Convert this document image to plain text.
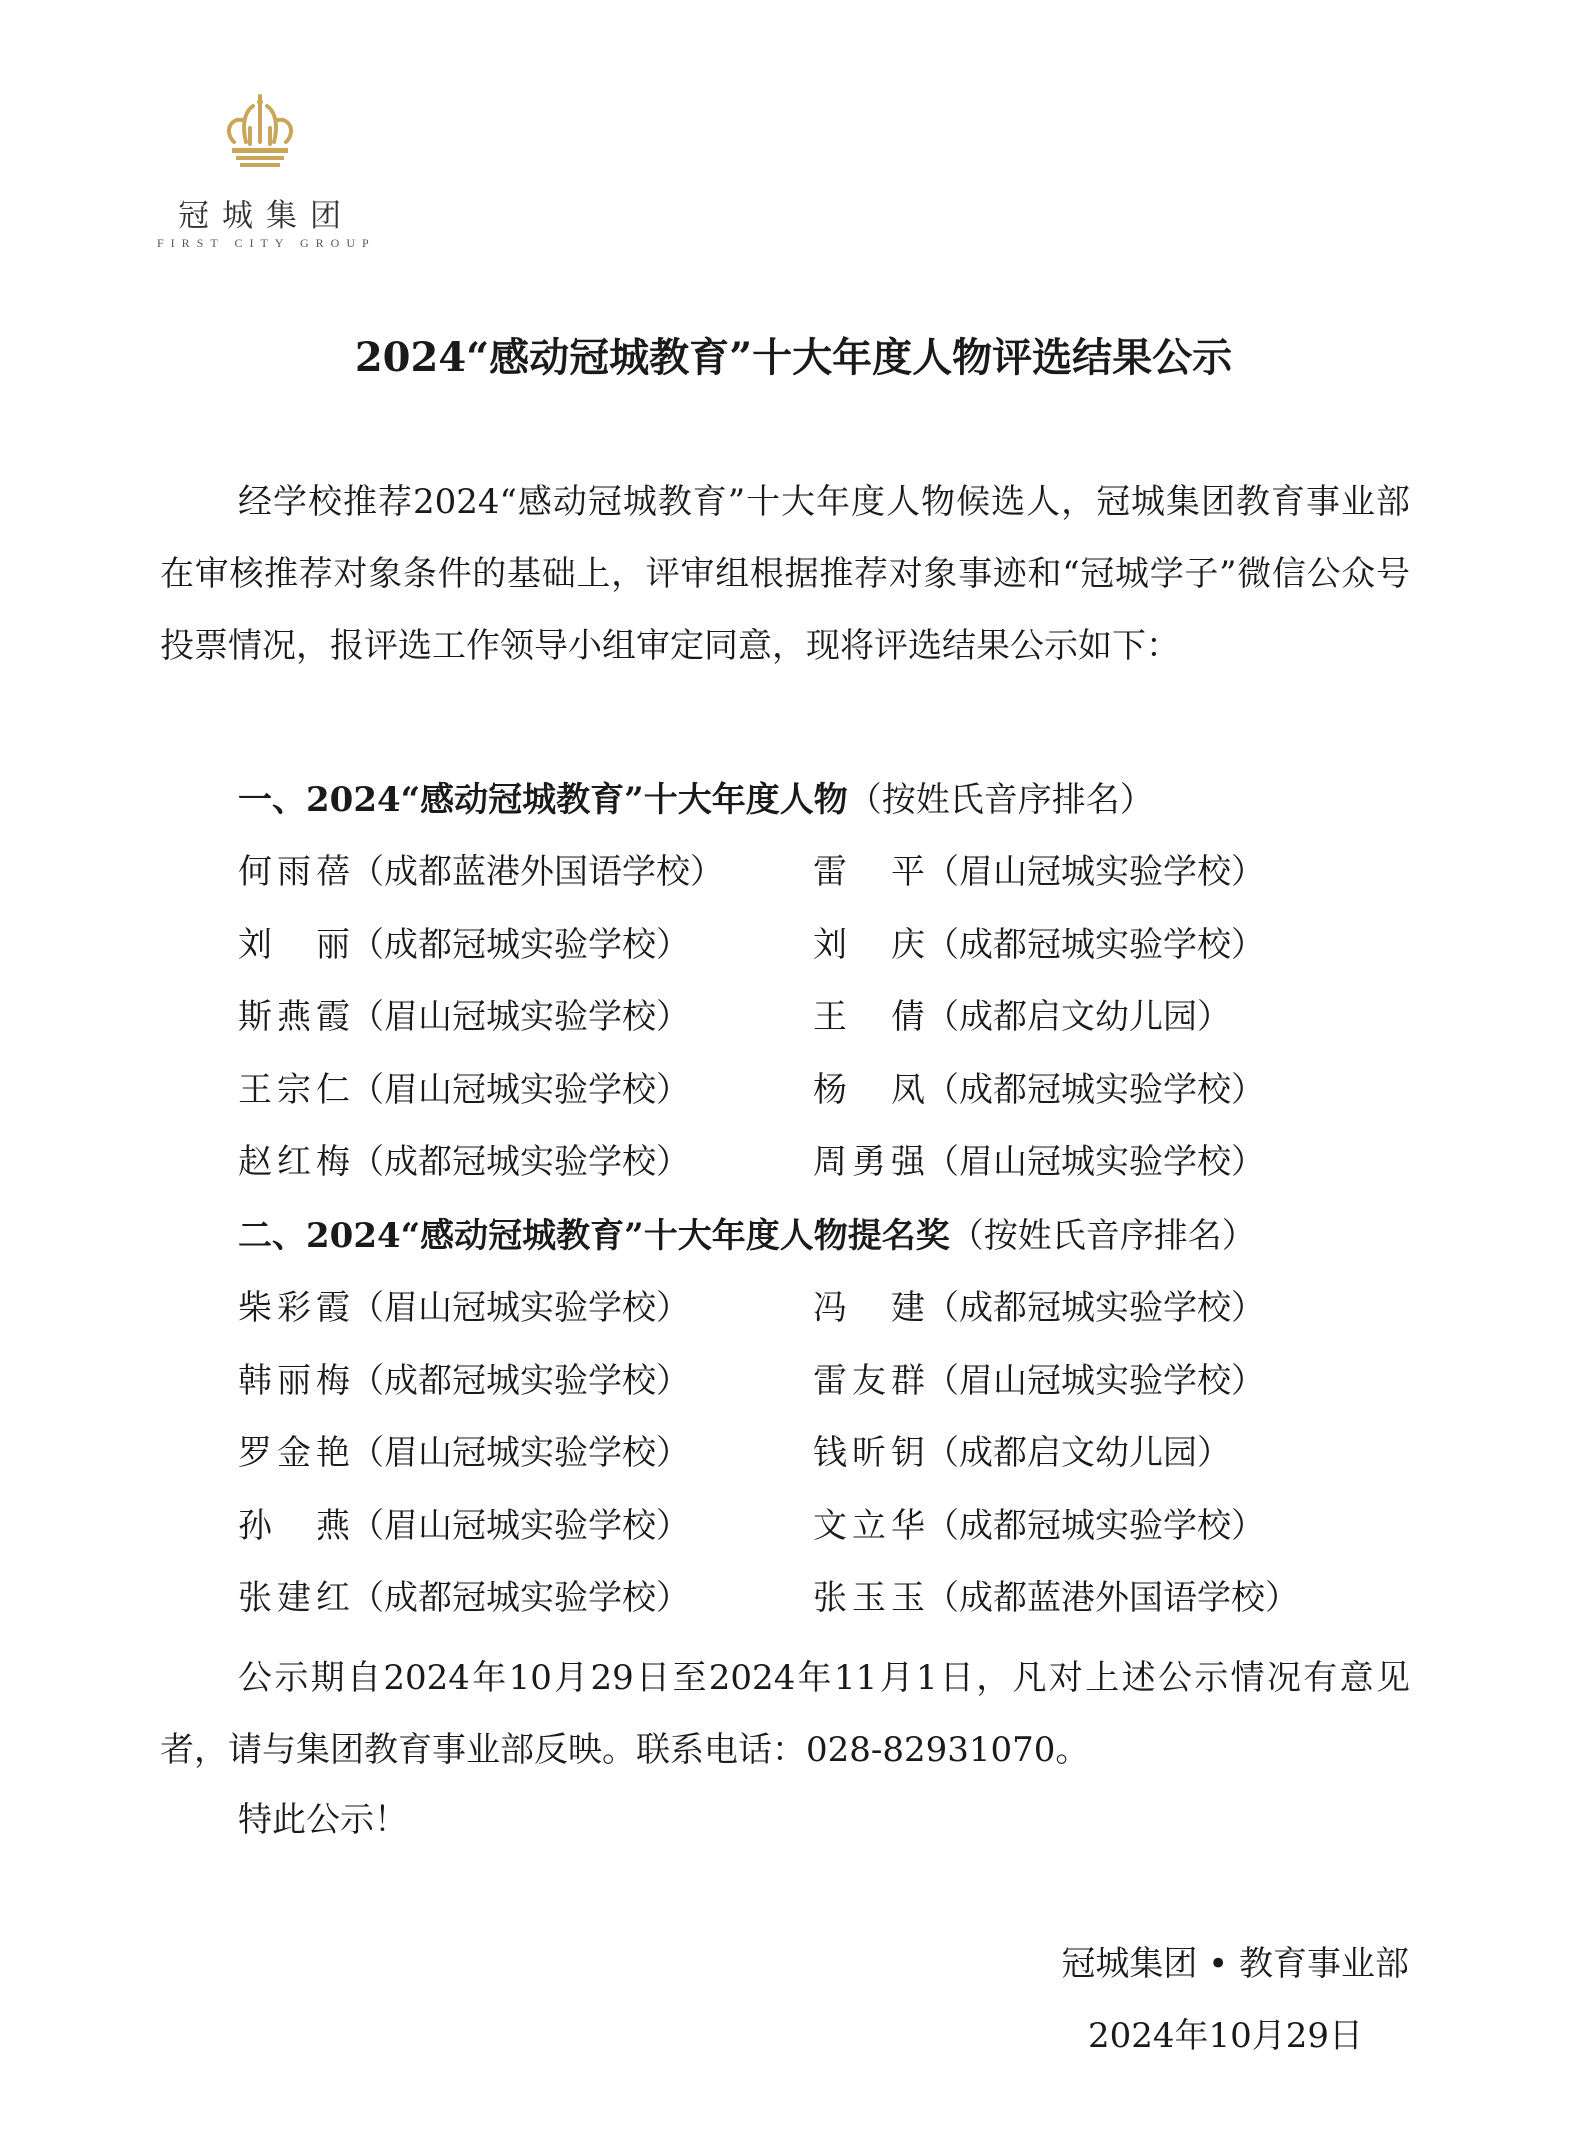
冠城集团
FIRST CITY GROUP
2024“感动冠城教育”十大年度人物评选结果公示
经学校推荐2024“感动冠城教育”十大年度人物候选人，冠城集团教育事业部在审核推荐对象条件的基础上，评审组根据推荐对象事迹和“冠城学子”微信公众号投票情况，报评选工作领导小组审定同意，现将评选结果公示如下：
一、2024“感动冠城教育”十大年度人物（按姓氏音序排名）
何雨蓓（成都蓝港外国语学校）	雷平（眉山冠城实验学校）
刘丽（成都冠城实验学校）	刘庆（成都冠城实验学校）
斯燕霞（眉山冠城实验学校）	王倩（成都启文幼儿园）
王宗仁（眉山冠城实验学校）	杨凤（成都冠城实验学校）
赵红梅（成都冠城实验学校）	周勇强（眉山冠城实验学校）
二、2024“感动冠城教育”十大年度人物提名奖（按姓氏音序排名）
柴彩霞（眉山冠城实验学校）	冯建（成都冠城实验学校）
韩丽梅（成都冠城实验学校）	雷友群（眉山冠城实验学校）
罗金艳（眉山冠城实验学校）	钱昕钥（成都启文幼儿园）
孙燕（眉山冠城实验学校）	文立华（成都冠城实验学校）
张建红（成都冠城实验学校）	张玉玉（成都蓝港外国语学校）
公示期自2024年10月29日至2024年11月1日，凡对上述公示情况有意见者，请与集团教育事业部反映。联系电话：028-82931070。
特此公示！
冠城集团 • 教育事业部
2024年10月29日
